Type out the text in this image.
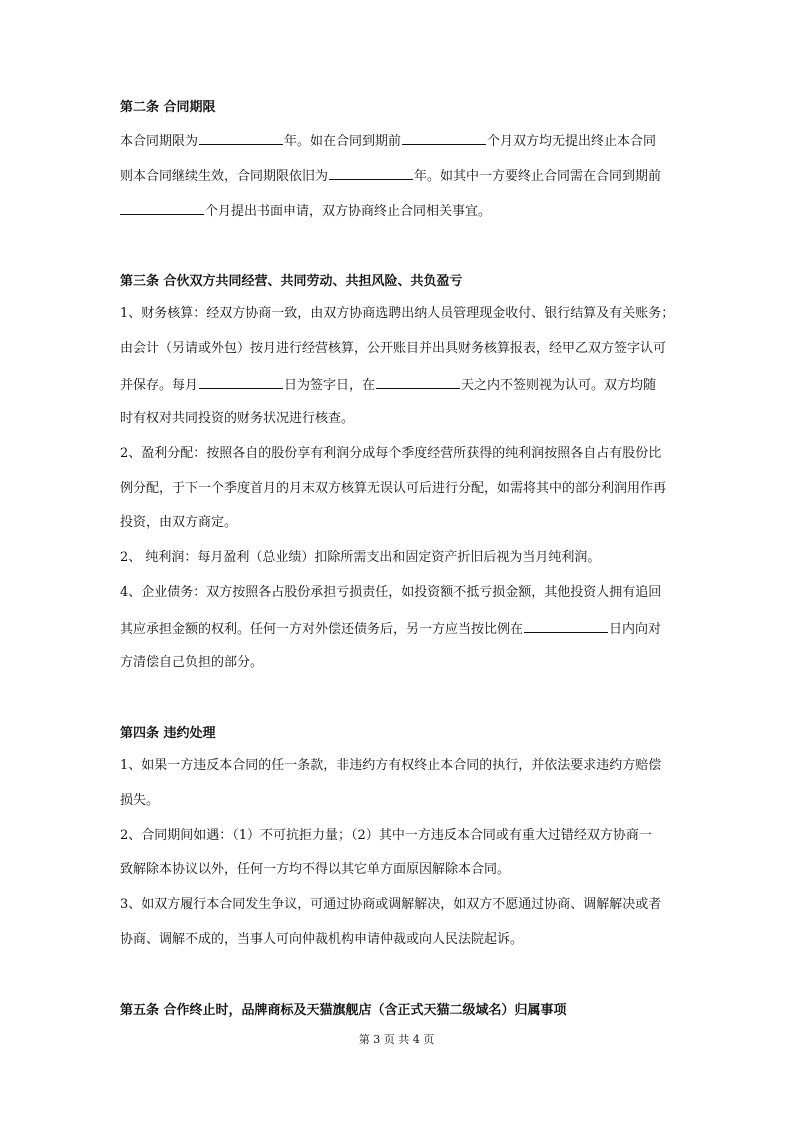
第二条 合同期限
本合同期限为	年。如在合同到期前	个月双方均无提出终止本合同
则本合同继续生效，合同期限依旧为	年。如其中一方要终止合同需在合同到期前
个月提出书面申请，双方协商终止合同相关事宜。
第三条 合伙双方共同经营、共同劳动、共担风险、共负盈亏
1、财务核算：经双方协商一致，由双方协商选聘出纳人员管理现金收付、银行结算及有关账务；
由会计（另请或外包）按月进行经营核算，公开账目并出具财务核算报表，经甲乙双方签字认可
并保存。每月	日为签字日，在	天之内不签则视为认可。双方均随
时有权对共同投资的财务状况进行核查。
2、盈利分配：按照各自的股份享有利润分成每个季度经营所获得的纯利润按照各自占有股份比
例分配，于下一个季度首月的月末双方核算无误认可后进行分配，如需将其中的部分利润用作再
投资，由双方商定。
2、 纯利润：每月盈利（总业绩）扣除所需支出和固定资产折旧后视为当月纯利润。
4、企业债务：双方按照各占股份承担亏损责任，如投资额不抵亏损金额，其他投资人拥有追回
其应承担金额的权利。任何一方对外偿还债务后，另一方应当按比例在	日内向对
方清偿自己负担的部分。
第四条 违约处理
1、如果一方违反本合同的任一条款，非违约方有权终止本合同的执行，并依法要求违约方赔偿
损失。
2、合同期间如遇：（1）不可抗拒力量；（2）其中一方违反本合同或有重大过错经双方协商一
致解除本协议以外，任何一方均不得以其它单方面原因解除本合同。
3、如双方履行本合同发生争议，可通过协商或调解解决，如双方不愿通过协商、调解解决或者
协商、调解不成的，当事人可向仲裁机构申请仲裁或向人民法院起诉。
第五条 合作终止时，品牌商标及天猫旗舰店（含正式天猫二级域名）归属事项
第 3 页 共 4 页
